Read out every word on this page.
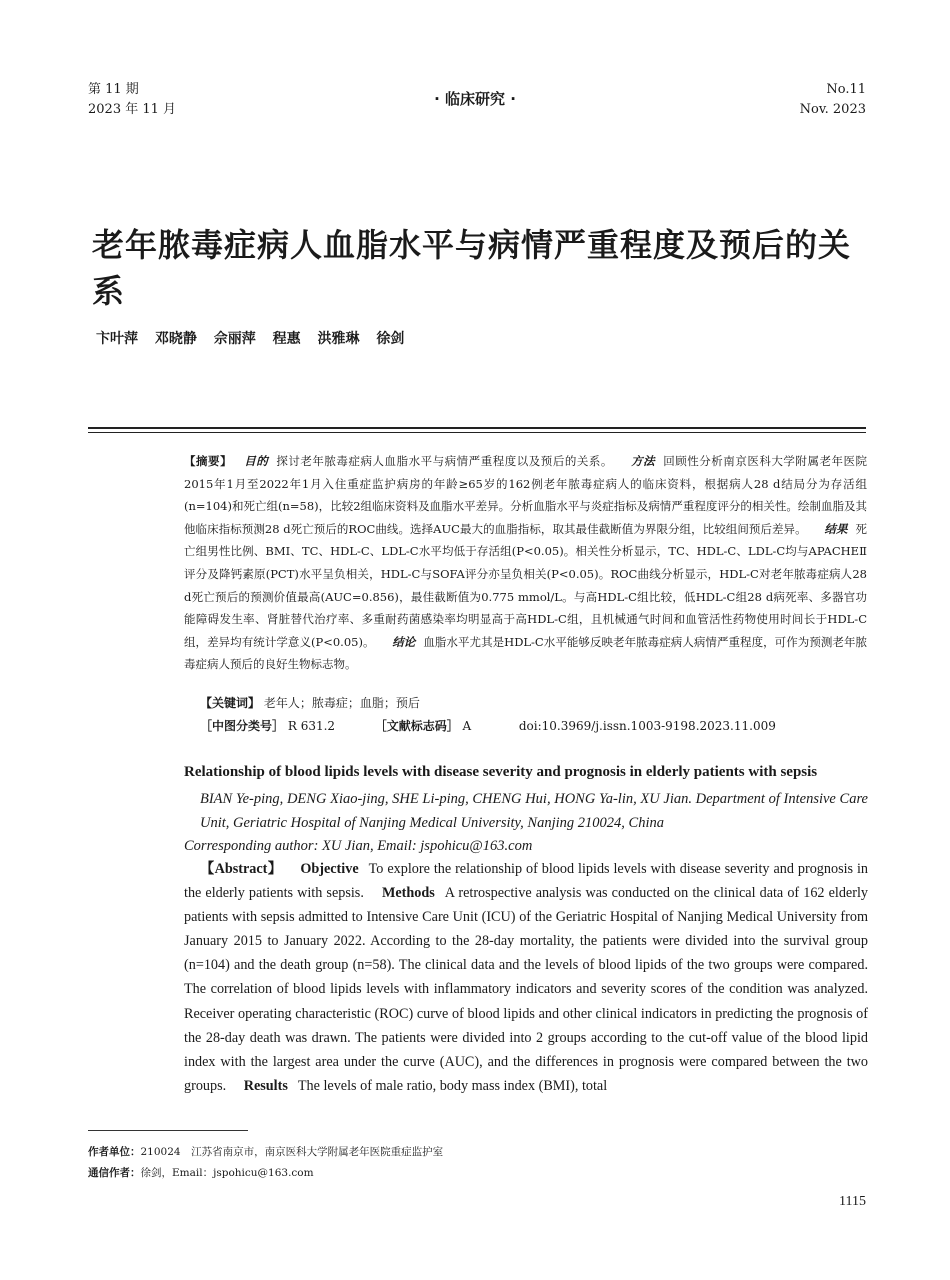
第 11 期
2023 年 11 月
· 临床研究 ·
No.11
Nov. 2023
老年脓毒症病人血脂水平与病情严重程度及预后的关系
卞叶萍 邓晓静 佘丽萍 程惠 洪雅琳 徐剑
【摘要】 目的 探讨老年脓毒症病人血脂水平与病情严重程度以及预后的关系。 方法 回顾性分析南京医科大学附属老年医院2015年1月至2022年1月入住重症监护病房的年龄≥65岁的162例老年脓毒症病人的临床资料，根据病人28 d结局分为存活组(n=104)和死亡组(n=58)，比较2组临床资料及血脂水平差异。分析血脂水平与炎症指标及病情严重程度评分的相关性。绘制血脂及其他临床指标预测28 d死亡预后的ROC曲线。选择AUC最大的血脂指标，取其最佳截断值为界限分组，比较组间预后差异。 结果 死亡组男性比例、BMI、TC、HDL-C、LDL-C水平均低于存活组(P<0.05)。相关性分析显示，TC、HDL-C、LDL-C均与APACHEⅡ评分及降钙素原(PCT)水平呈负相关，HDL-C与SOFA评分亦呈负相关(P<0.05)。ROC曲线分析显示，HDL-C对老年脓毒症病人28 d死亡预后的预测价值最高(AUC=0.856)，最佳截断值为0.775 mmol/L。与高HDL-C组比较，低HDL-C组28 d病死率、多器官功能障碍发生率、肾脏替代治疗率、多重耐药菌感染率均明显高于高HDL-C组，且机械通气时间和血管活性药物使用时间长于HDL-C组，差异均有统计学意义(P<0.05)。 结论 血脂水平尤其是HDL-C水平能够反映老年脓毒症病人病情严重程度，可作为预测老年脓毒症病人预后的良好生物标志物。
【关键词】 老年人；脓毒症；血脂；预后
［中图分类号］ R 631.2	［文献标志码］ A	doi:10.3969/j.issn.1003-9198.2023.11.009
Relationship of blood lipids levels with disease severity and prognosis in elderly patients with sepsis
BIAN Ye-ping, DENG Xiao-jing, SHE Li-ping, CHENG Hui, HONG Ya-lin, XU Jian. Department of Intensive Care Unit, Geriatric Hospital of Nanjing Medical University, Nanjing 210024, China
Corresponding author: XU Jian, Email: jspohicu@163.com
【Abstract】 Objective To explore the relationship of blood lipids levels with disease severity and prognosis in the elderly patients with sepsis. Methods A retrospective analysis was conducted on the clinical data of 162 elderly patients with sepsis admitted to Intensive Care Unit (ICU) of the Geriatric Hospital of Nanjing Medical University from January 2015 to January 2022. According to the 28-day mortality, the patients were divided into the survival group (n=104) and the death group (n=58). The clinical data and the levels of blood lipids of the two groups were compared. The correlation of blood lipids levels with inflammatory indicators and severity scores of the condition was analyzed. Receiver operating characteristic (ROC) curve of blood lipids and other clinical indicators in predicting the prognosis of the 28-day death was drawn. The patients were divided into 2 groups according to the cut-off value of the blood lipid index with the largest area under the curve (AUC), and the differences in prognosis were compared between the two groups. Results The levels of male ratio, body mass index (BMI), total
作者单位：210024　江苏省南京市，南京医科大学附属老年医院重症监护室
通信作者：徐剑，Email：jspohicu@163.com
1115
